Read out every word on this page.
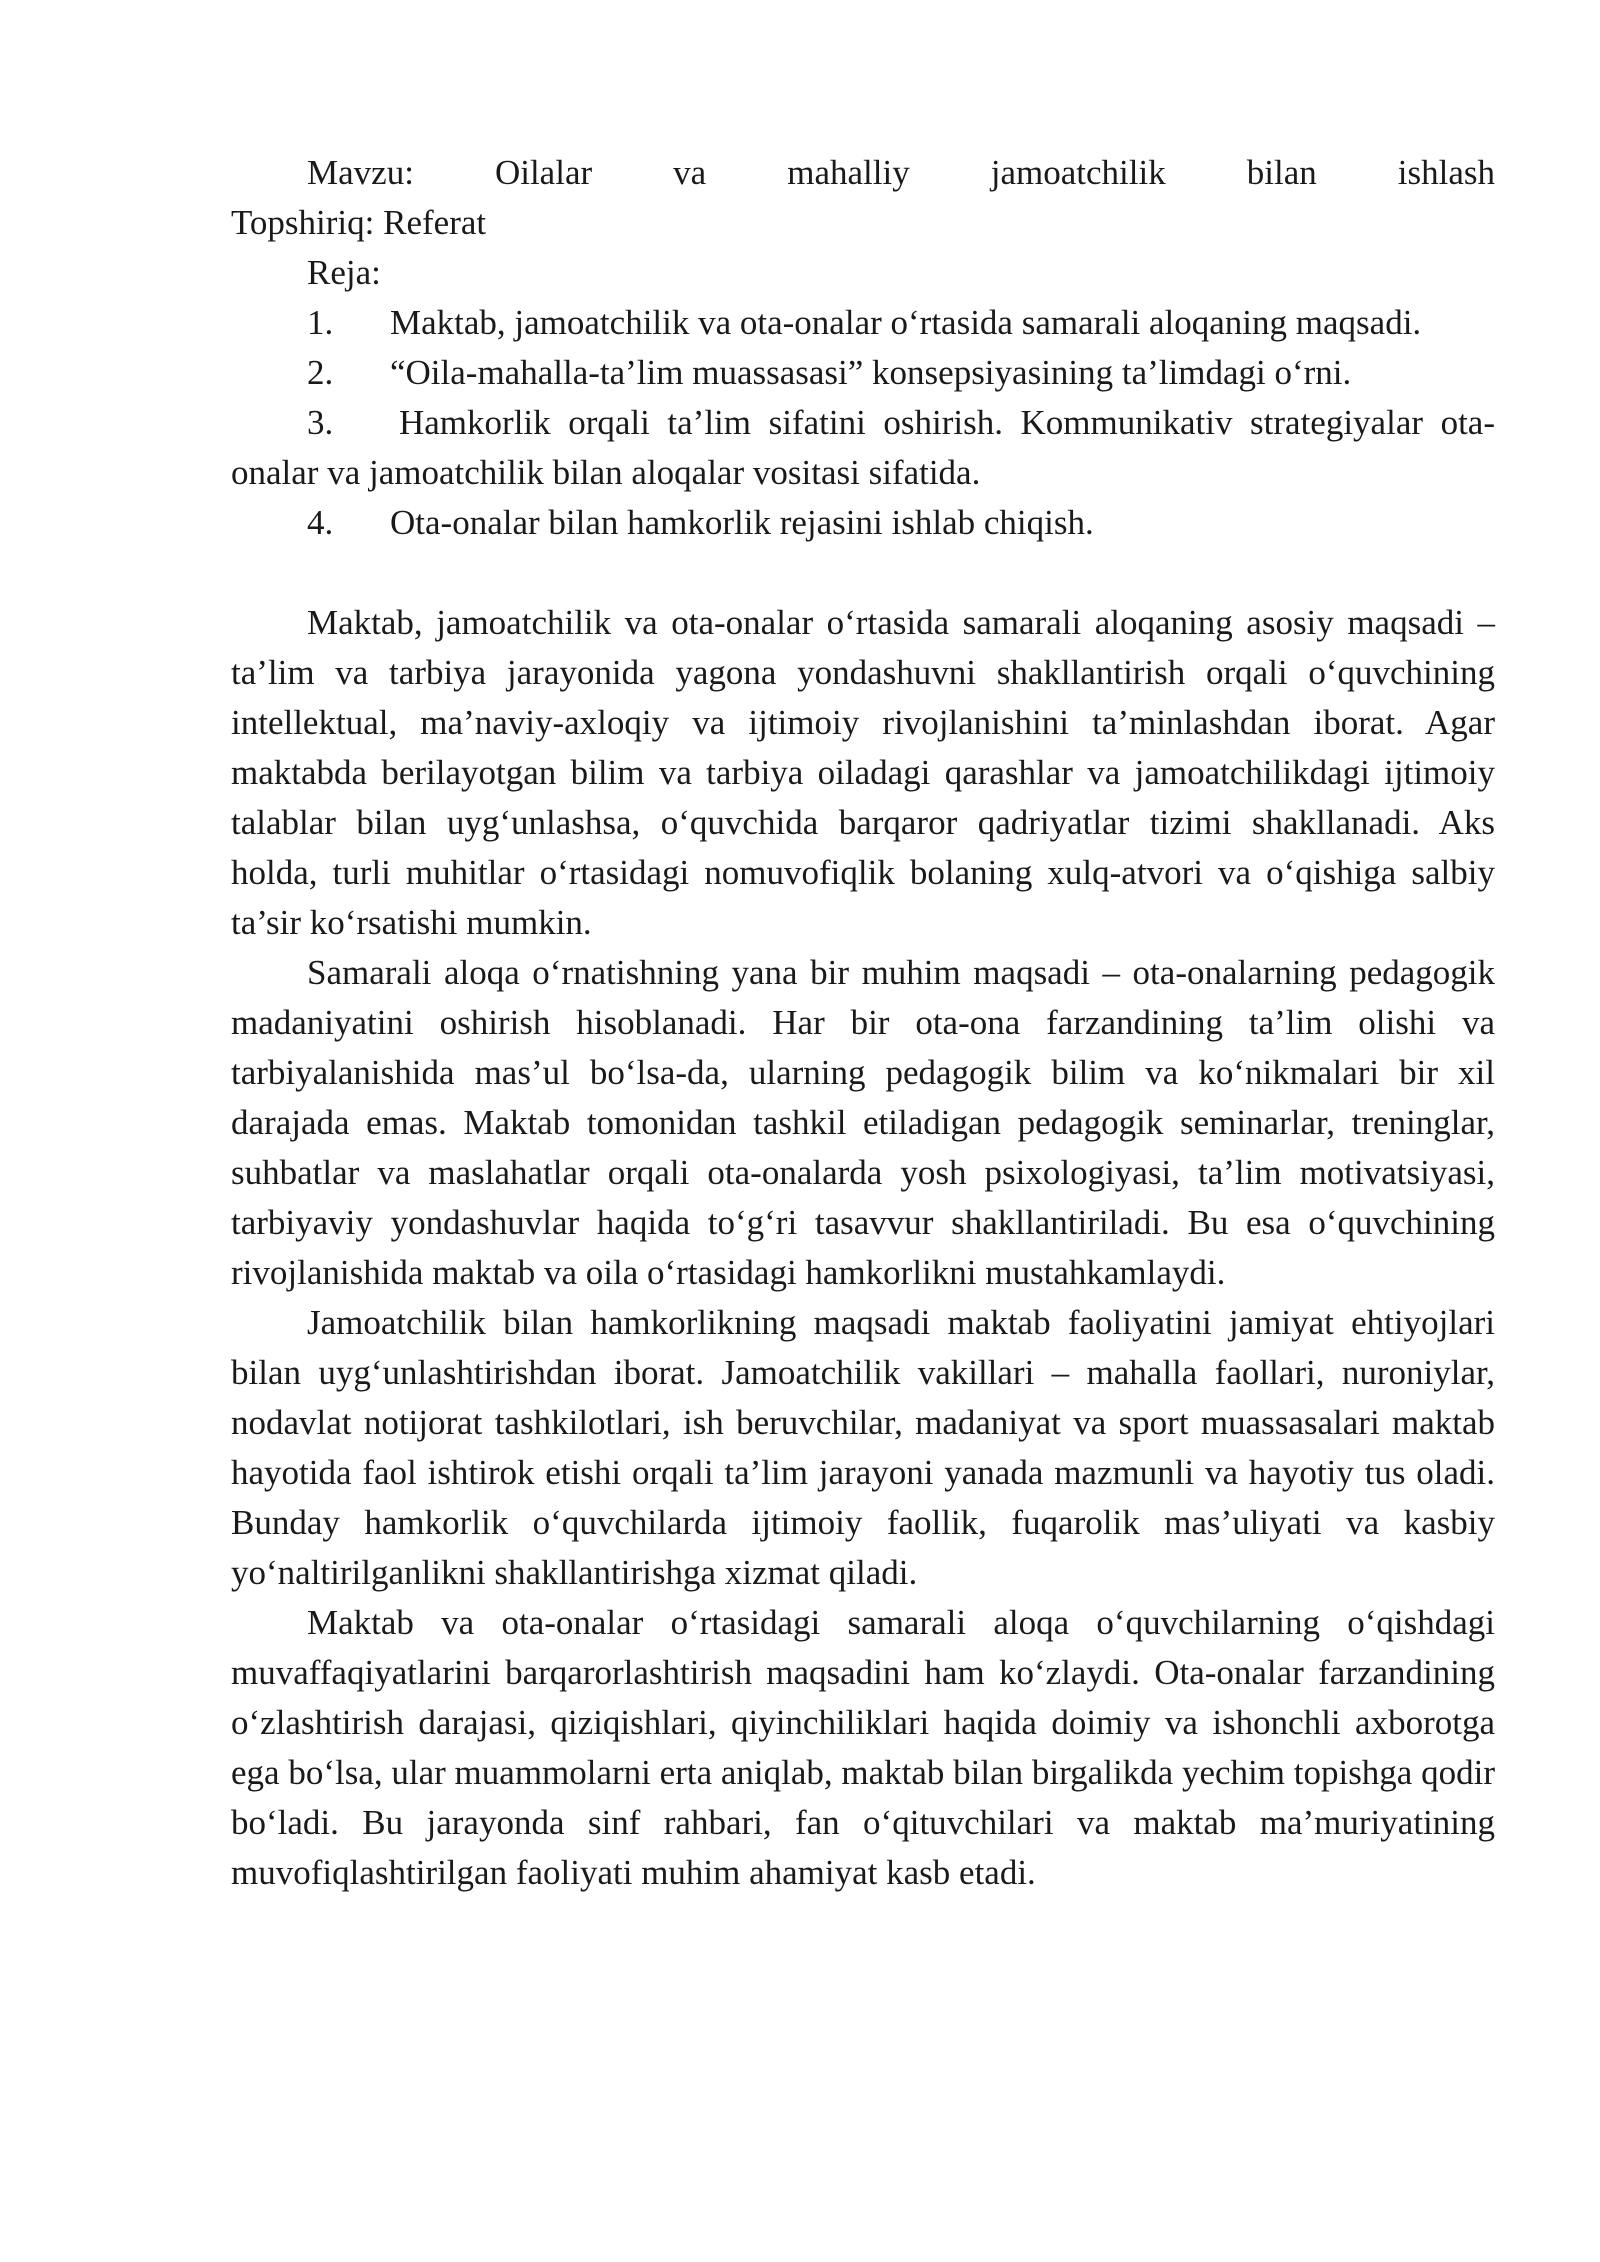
Mavzu: Oilalar va mahalliy jamoatchilik bilan ishlash

Topshiriq: Referat

Reja:

1. Maktab, jamoatchilik va ota-onalar o‘rtasida samarali aloqaning maqsadi.

2. “Oila-mahalla-ta’lim muassasasi” konsepsiyasining ta’limdagi o‘rni.

3. Hamkorlik orqali ta’lim sifatini oshirish. Kommunikativ strategiyalar ota-onalar va jamoatchilik bilan aloqalar vositasi sifatida.

4. Ota-onalar bilan hamkorlik rejasini ishlab chiqish.

Maktab, jamoatchilik va ota-onalar o‘rtasida samarali aloqaning asosiy maqsadi – ta’lim va tarbiya jarayonida yagona yondashuvni shakllantirish orqali o‘quvchining intellektual, ma’naviy-axloqiy va ijtimoiy rivojlanishini ta’minlashdan iborat. Agar maktabda berilayotgan bilim va tarbiya oiladagi qarashlar va jamoatchilikdagi ijtimoiy talablar bilan uyg‘unlashsa, o‘quvchida barqaror qadriyatlar tizimi shakllanadi. Aks holda, turli muhitlar o‘rtasidagi nomuvofiqlik bolaning xulq-atvori va o‘qishiga salbiy ta’sir ko‘rsatishi mumkin.

Samarali aloqa o‘rnatishning yana bir muhim maqsadi – ota-onalarning pedagogik madaniyatini oshirish hisoblanadi. Har bir ota-ona farzandining ta’lim olishi va tarbiyalanishida mas’ul bo‘lsa-da, ularning pedagogik bilim va ko‘nikmalari bir xil darajada emas. Maktab tomonidan tashkil etiladigan pedagogik seminarlar, treninglar, suhbatlar va maslahatlar orqali ota-onalarda yosh psixologiyasi, ta’lim motivatsiyasi, tarbiyaviy yondashuvlar haqida to‘g‘ri tasavvur shakllantiriladi. Bu esa o‘quvchining rivojlanishida maktab va oila o‘rtasidagi hamkorlikni mustahkamlaydi.

Jamoatchilik bilan hamkorlikning maqsadi maktab faoliyatini jamiyat ehtiyojlari bilan uyg‘unlashtirishdan iborat. Jamoatchilik vakillari – mahalla faollari, nuroniylar, nodavlat notijorat tashkilotlari, ish beruvchilar, madaniyat va sport muassasalari maktab hayotida faol ishtirok etishi orqali ta’lim jarayoni yanada mazmunli va hayotiy tus oladi. Bunday hamkorlik o‘quvchilarda ijtimoiy faollik, fuqarolik mas’uliyati va kasbiy yo‘naltirilganlikni shakllantirishga xizmat qiladi.

Maktab va ota-onalar o‘rtasidagi samarali aloqa o‘quvchilarning o‘qishdagi muvaffaqiyatlarini barqarorlashtirish maqsadini ham ko‘zlaydi. Ota-onalar farzandining o‘zlashtirish darajasi, qiziqishlari, qiyinchiliklari haqida doimiy va ishonchli axborotga ega bo‘lsa, ular muammolarni erta aniqlab, maktab bilan birgalikda yechim topishga qodir bo‘ladi. Bu jarayonda sinf rahbari, fan o‘qituvchilari va maktab ma’muriyatining muvofiqlashtirilgan faoliyati muhim ahamiyat kasb etadi.
